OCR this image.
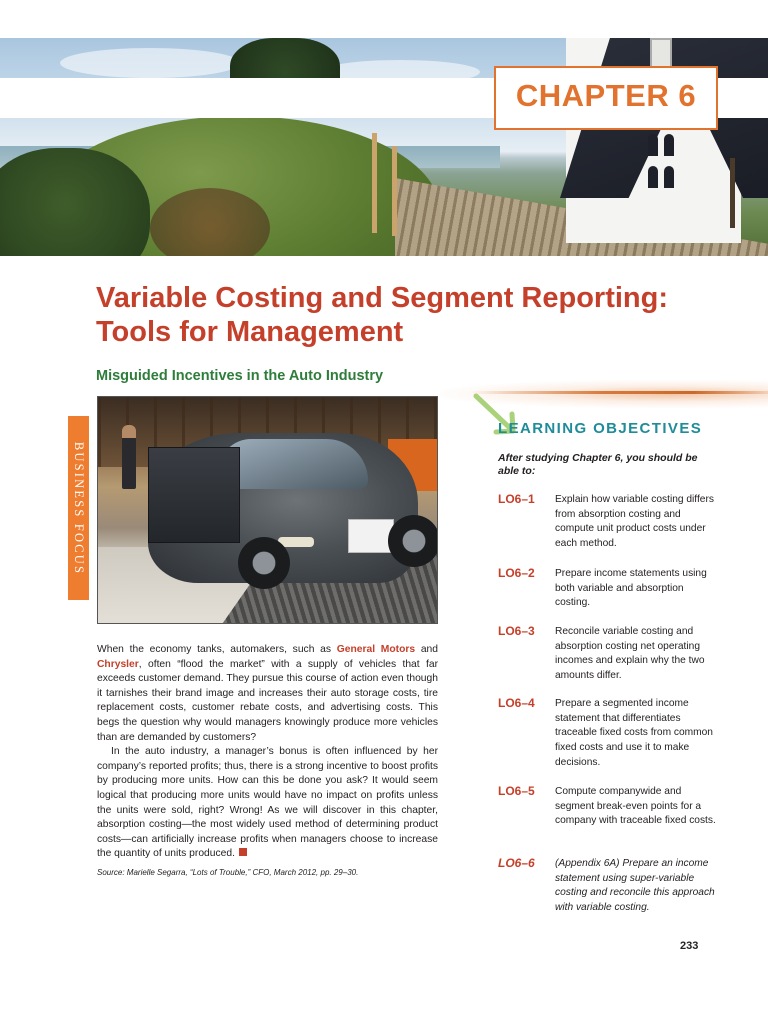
CHAPTER 6
Variable Costing and Segment Reporting:
Tools for Management
Misguided Incentives in the Auto Industry
BUSINESS FOCUS

When the economy tanks, automakers, such as General Motors and Chrysler, often “flood the market” with a supply of vehicles that far exceeds customer demand. They pursue this course of action even though it tarnishes their brand image and increases their auto storage costs, tire replacement costs, customer rebate costs, and advertising costs. This begs the question why would managers knowingly produce more vehicles than are demanded by customers?

In the auto industry, a manager’s bonus is often influenced by her company’s reported profits; thus, there is a strong incentive to boost profits by producing more units. How can this be done you ask? It would seem logical that producing more units would have no impact on profits unless the units were sold, right? Wrong! As we will discover in this chapter, absorption costing—the most widely used method of determining product costs—can artificially increase profits when managers choose to increase the quantity of units produced.

Source: Marielle Segarra, “Lots of Trouble,” CFO, March 2012, pp. 29–30.
LEARNING OBJECTIVES
After studying Chapter 6, you should be able to:
LO6–1 Explain how variable costing differs from absorption costing and compute unit product costs under each method.
LO6–2 Prepare income statements using both variable and absorption costing.
LO6–3 Reconcile variable costing and absorption costing net operating incomes and explain why the two amounts differ.
LO6–4 Prepare a segmented income statement that differentiates traceable fixed costs from common fixed costs and use it to make decisions.
LO6–5 Compute companywide and segment break-even points for a company with traceable fixed costs.
LO6–6 (Appendix 6A) Prepare an income statement using super-variable costing and reconcile this approach with variable costing.
233
